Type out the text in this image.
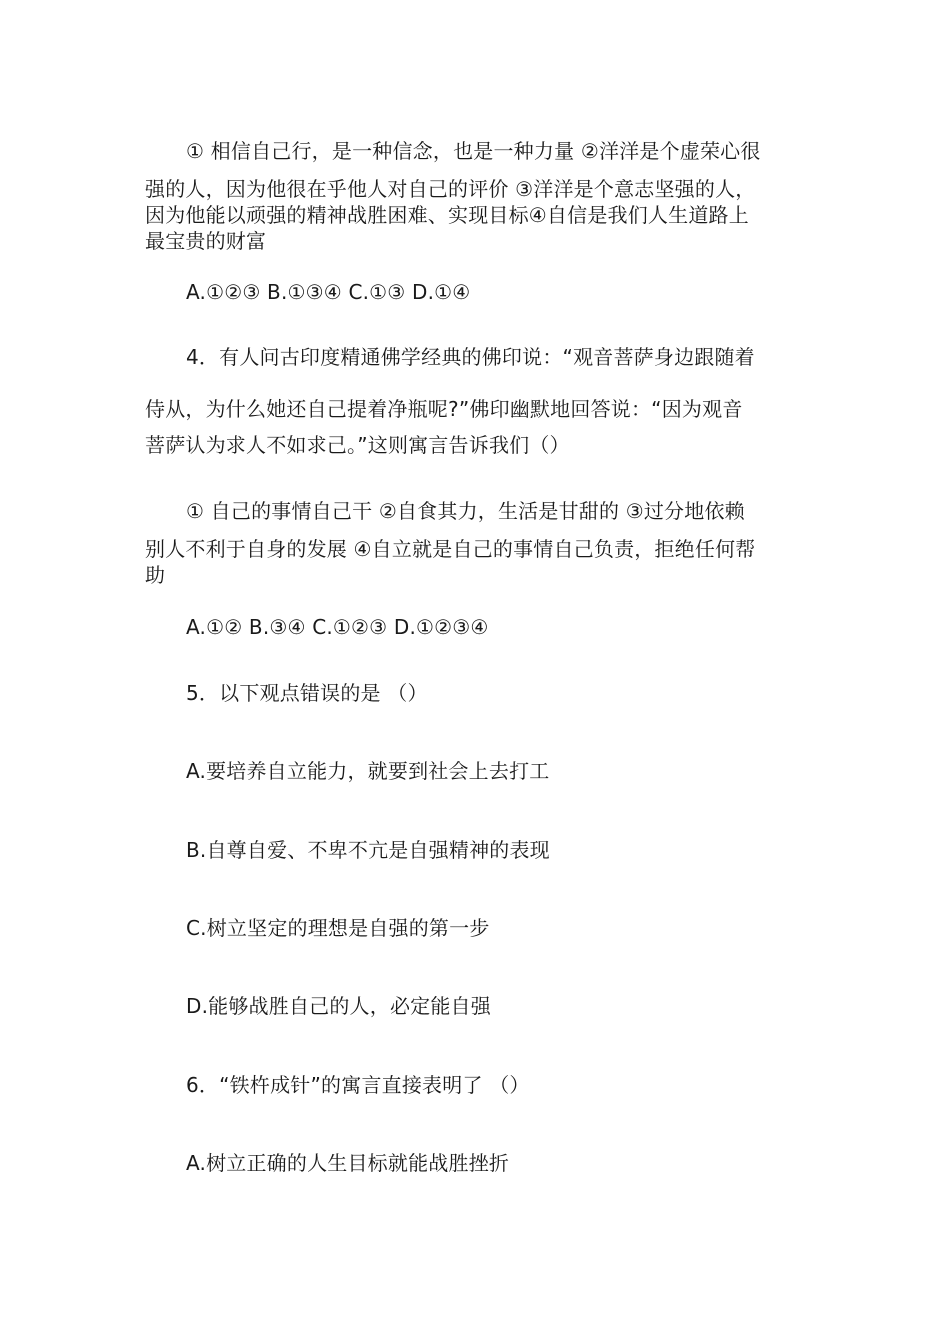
① 相信自己行，是一种信念，也是一种力量 ②洋洋是个虚荣心很
强的人，因为他很在乎他人对自己的评价 ③洋洋是个意志坚强的人，
因为他能以顽强的精神战胜困难、实现目标④自信是我们人生道路上
最宝贵的财富
A.①②③ B.①③④ C.①③ D.①④
4．有人问古印度精通佛学经典的佛印说：“观音菩萨身边跟随着
侍从，为什么她还自己提着净瓶呢?”佛印幽默地回答说：“因为观音
菩萨认为求人不如求己。”这则寓言告诉我们（）
① 自己的事情自己干 ②自食其力，生活是甘甜的 ③过分地依赖
别人不利于自身的发展 ④自立就是自己的事情自己负责，拒绝任何帮
助
A.①② B.③④ C.①②③ D.①②③④
5．以下观点错误的是 （）
A.要培养自立能力，就要到社会上去打工
B.自尊自爱、不卑不亢是自强精神的表现
C.树立坚定的理想是自强的第一步
D.能够战胜自己的人，必定能自强
6．“铁杵成针”的寓言直接表明了 （）
A.树立正确的人生目标就能战胜挫折
